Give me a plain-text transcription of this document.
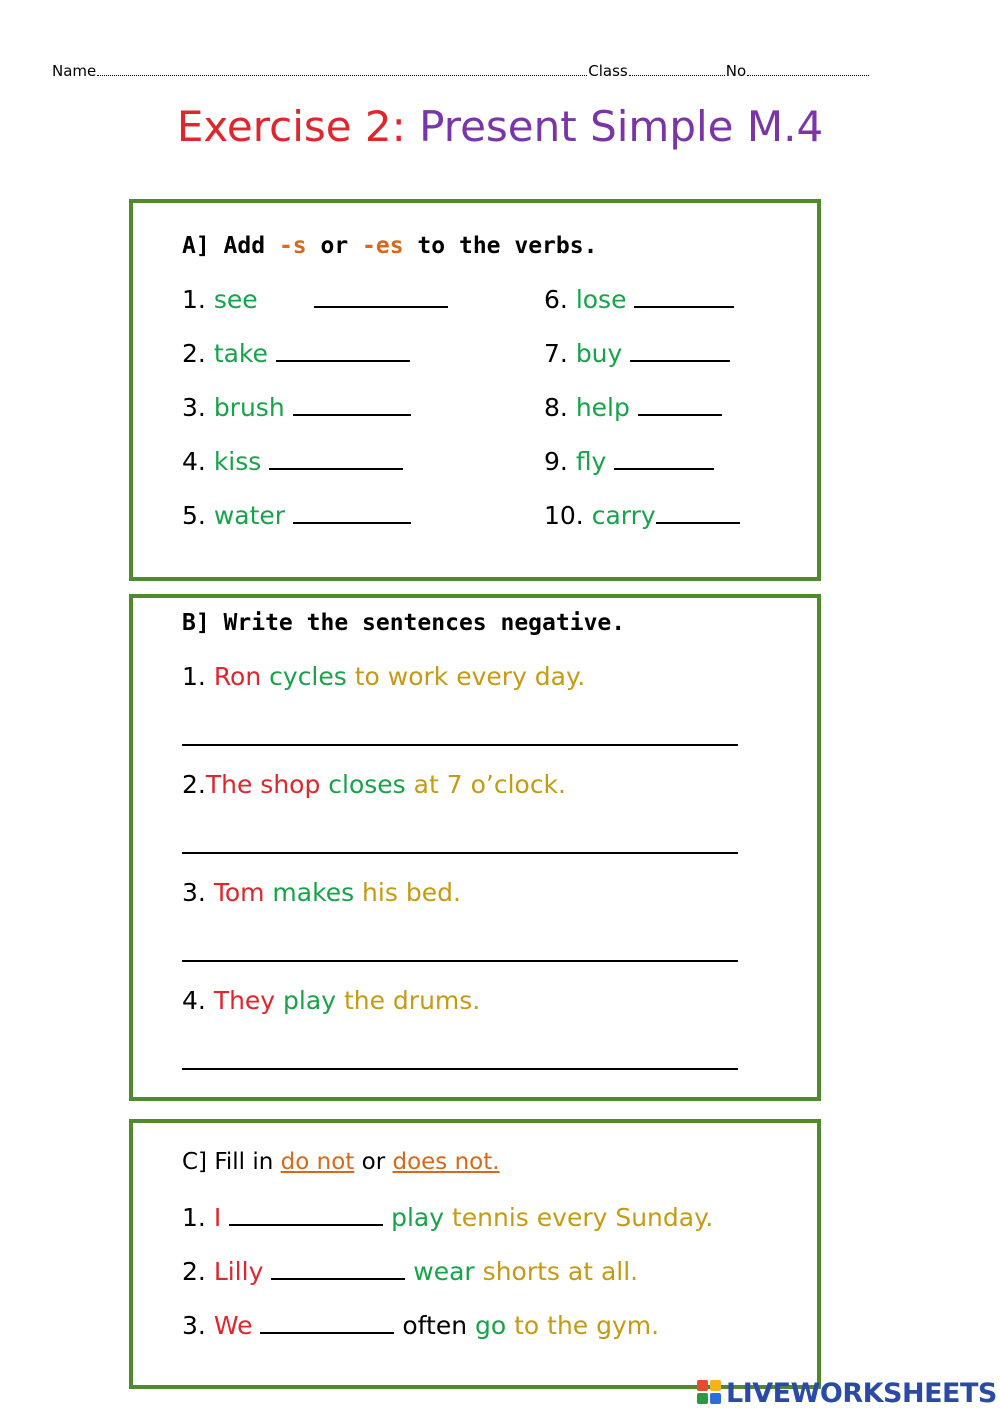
Name	Class	No
Exercise 2: Present Simple M.4
A] Add -s or -es to the verbs.
1. see
2. take
3. brush
4. kiss
5. water
6. lose
7. buy
8. help
9. fly
10. carry
B] Write the sentences negative.
1. Ron cycles to work every day.
2.The shop closes at 7 o’clock.
3. Tom makes his bed.
4. They play the drums.
C] Fill in do not or does not.
1. I	play tennis every Sunday.
2. Lilly	wear shorts at all.
3. We	often go to the gym.
LIVEWORKSHEETS
